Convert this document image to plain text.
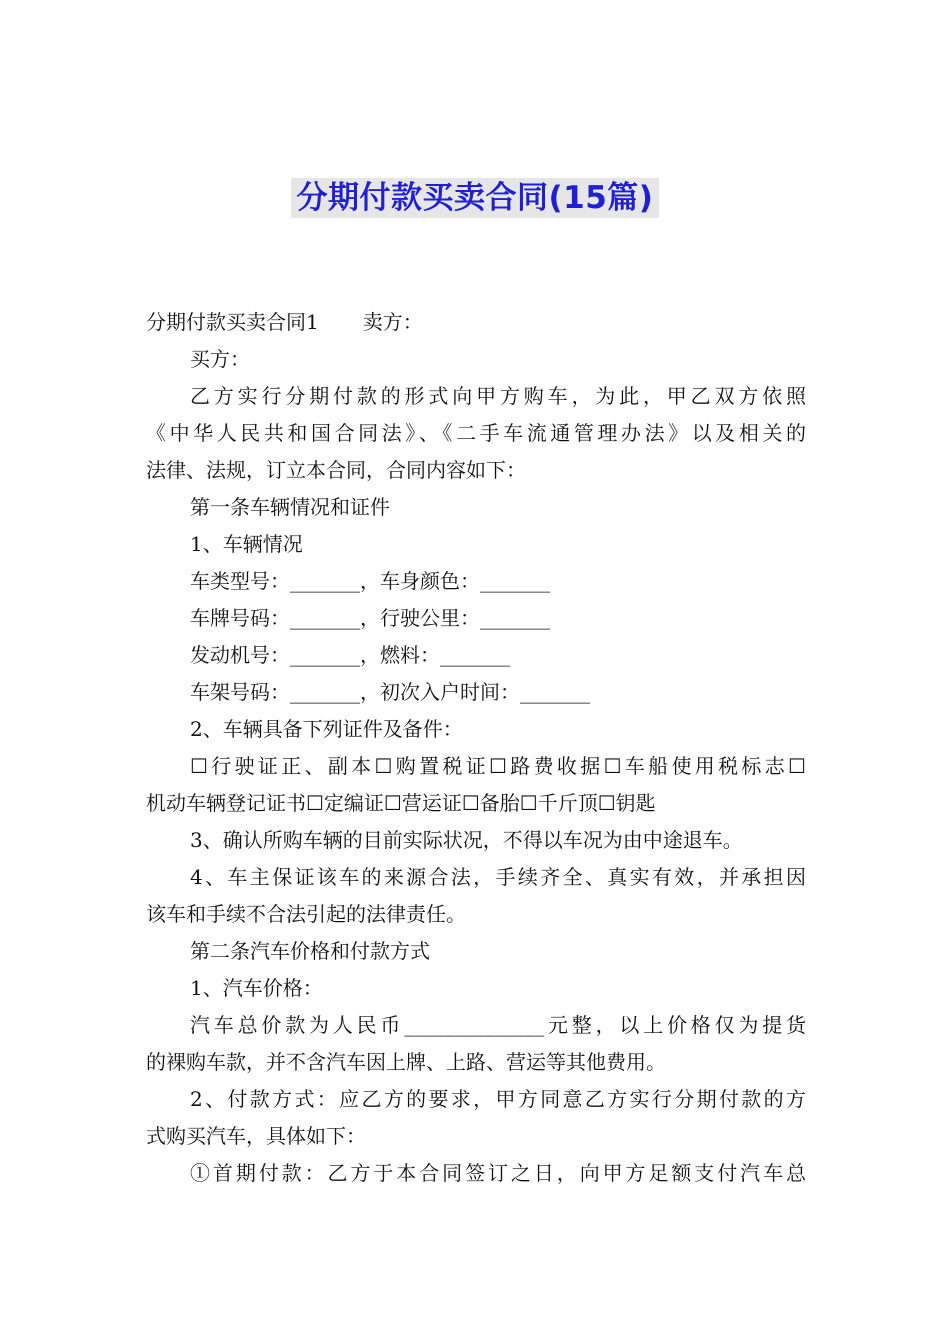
分期付款买卖合同(15篇)
分期付款买卖合同1 卖方：
买方：
乙方实行分期付款的形式向甲方购车，为此，甲乙双方依照
《中华人民共和国合同法》、《二手车流通管理办法》以及相关的
法律、法规，订立本合同，合同内容如下：
第一条车辆情况和证件
1、车辆情况
车类型号：_______，车身颜色：_______
车牌号码：_______，行驶公里：_______
发动机号：_______，燃料：_______
车架号码：_______，初次入户时间：_______
2、车辆具备下列证件及备件：
☐行驶证正、副本☐购置税证☐路费收据☐车船使用税标志☐
机动车辆登记证书☐定编证☐营运证☐备胎☐千斤顶☐钥匙
3、确认所购车辆的目前实际状况，不得以车况为由中途退车。
4、车主保证该车的来源合法，手续齐全、真实有效，并承担因
该车和手续不合法引起的法律责任。
第二条汽车价格和付款方式
1、汽车价格：
汽车总价款为人民币______________元整，以上价格仅为提货
的裸购车款，并不含汽车因上牌、上路、营运等其他费用。
2、付款方式：应乙方的要求，甲方同意乙方实行分期付款的方
式购买汽车，具体如下：
①首期付款：乙方于本合同签订之日，向甲方足额支付汽车总
